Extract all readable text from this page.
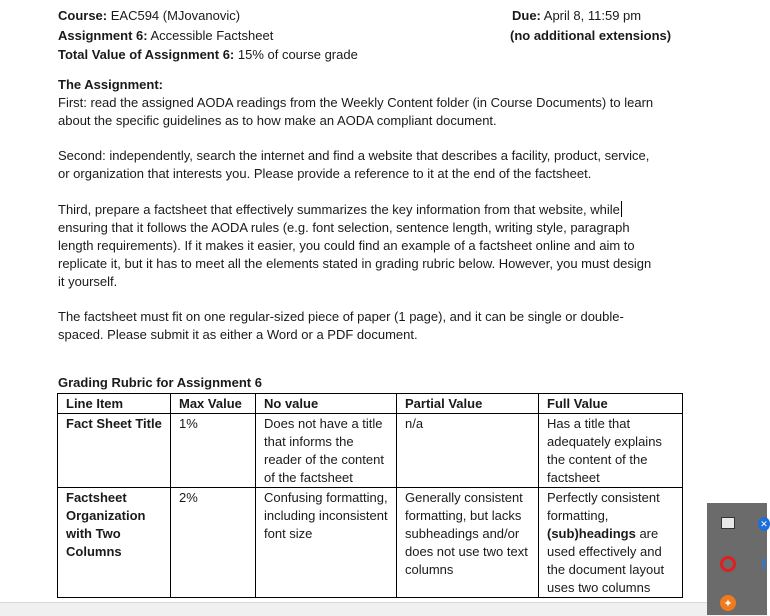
Course: EAC594 (MJovanovic)	Due: April 8, 11:59 pm
Assignment 6: Accessible Factsheet	(no additional extensions)
Total Value of Assignment 6: 15% of course grade
The Assignment:
First: read the assigned AODA readings from the Weekly Content folder (in Course Documents) to learn
about the specific guidelines as to how make an AODA compliant document.
Second: independently, search the internet and find a website that describes a facility, product, service,
or organization that interests you. Please provide a reference to it at the end of the factsheet.
Third, prepare a factsheet that effectively summarizes the key information from that website, while
ensuring that it follows the AODA rules (e.g. font selection, sentence length, writing style, paragraph
length requirements). If it makes it easier, you could find an example of a factsheet online and aim to
replicate it, but it has to meet all the elements stated in grading rubric below. However, you must design
it yourself.
The factsheet must fit on one regular-sized piece of paper (1 page), and it can be single or double-
spaced. Please submit it as either a Word or a PDF document.
Grading Rubric for Assignment 6
Line Item	Max Value	No value	Partial Value	Full Value
Fact Sheet Title	1%	Does not have a title that informs the reader of the content of the factsheet	n/a	Has a title that adequately explains the content of the factsheet
Factsheet Organization with Two Columns	2%	Confusing formatting, including inconsistent font size	Generally consistent formatting, but lacks subheadings and/or does not use two text columns	Perfectly consistent formatting, (sub)headings are used effectively and the document layout uses two columns
✦
✕
ᛒ
